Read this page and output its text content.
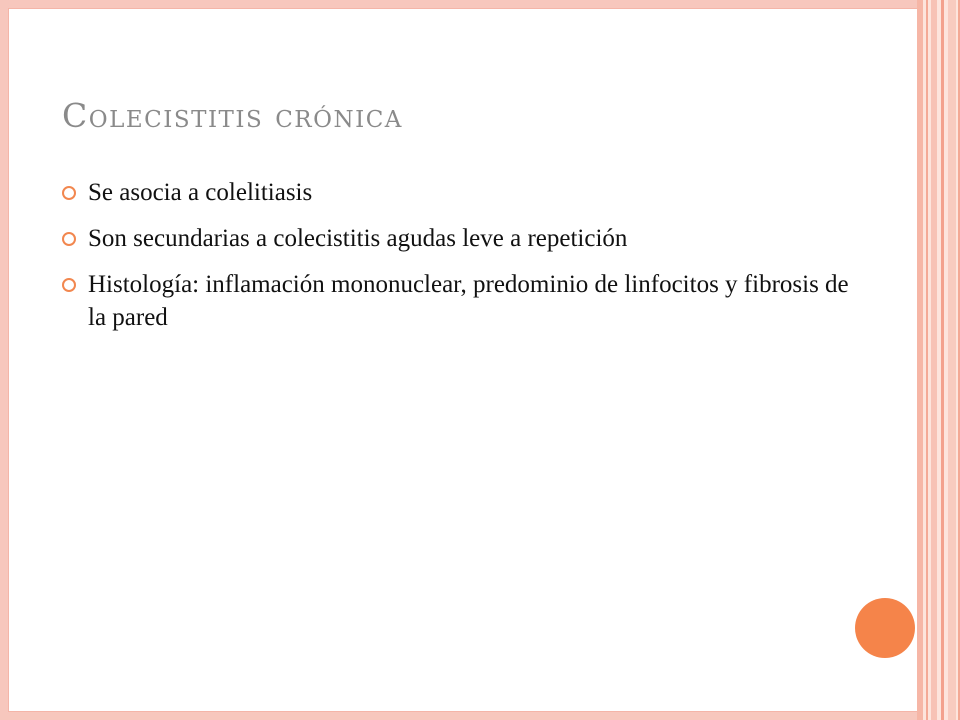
Colecistitis crónica
Se asocia a colelitiasis
Son secundarias a colecistitis agudas leve a repetición
Histología: inflamación mononuclear, predominio de linfocitos y fibrosis de la pared
